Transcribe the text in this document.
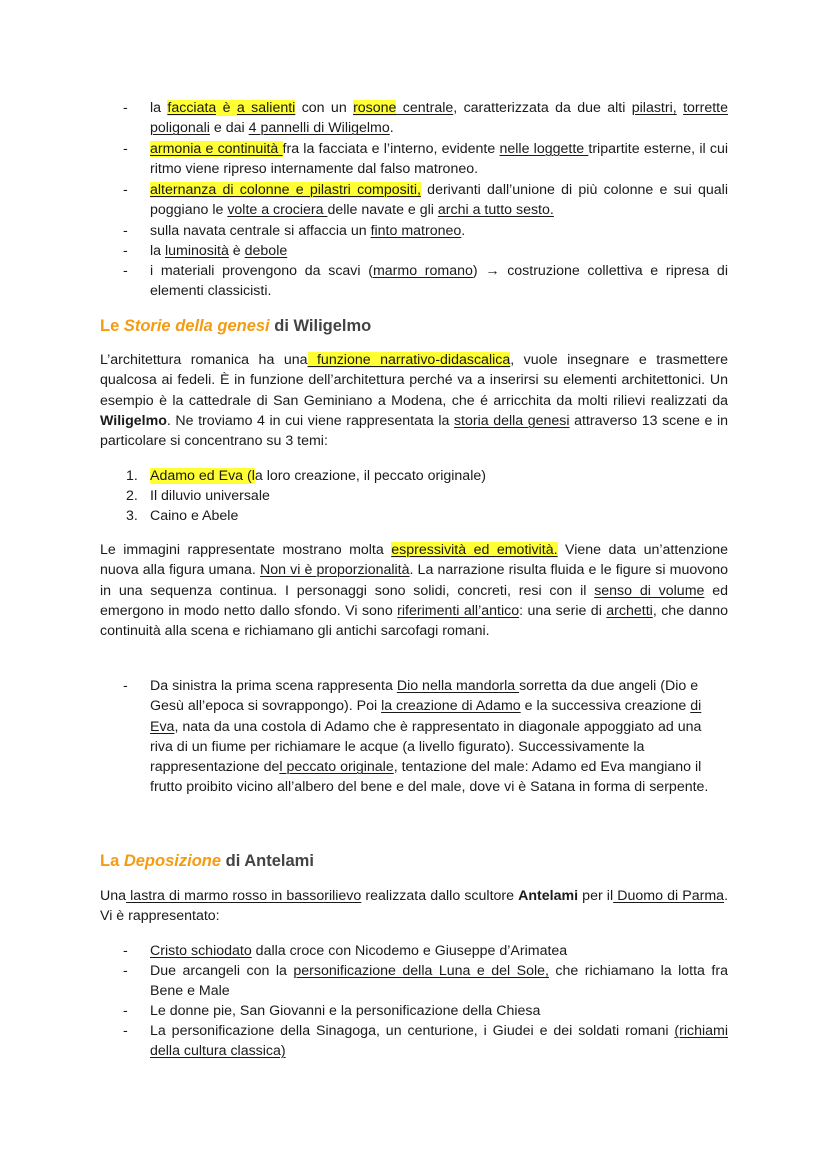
- la facciata è a salienti con un rosone centrale, caratterizzata da due alti pilastri, torrette poligonali e dai 4 pannelli di Wiligelmo.
- armonia e continuità fra la facciata e l’interno, evidente nelle loggette tripartite esterne, il cui ritmo viene ripreso internamente dal falso matroneo.
- alternanza di colonne e pilastri compositi, derivanti dall’unione di più colonne e sui quali poggiano le volte a crociera delle navate e gli archi a tutto sesto.
- sulla navata centrale si affaccia un finto matroneo.
- la luminosità è debole
- i materiali provengono da scavi (marmo romano) → costruzione collettiva e ripresa di elementi classicisti.
Le Storie della genesi di Wiligelmo
L’architettura romanica ha una funzione narrativo-didascalica, vuole insegnare e trasmettere qualcosa ai fedeli. È in funzione dell’architettura perché va a inserirsi su elementi architettonici. Un esempio è la cattedrale di San Geminiano a Modena, che é arricchita da molti rilievi realizzati da Wiligelmo. Ne troviamo 4 in cui viene rappresentata la storia della genesi attraverso 13 scene e in particolare si concentrano su 3 temi:
1. Adamo ed Eva (la loro creazione, il peccato originale)
2. Il diluvio universale
3. Caino e Abele
Le immagini rappresentate mostrano molta espressività ed emotività. Viene data un’attenzione nuova alla figura umana. Non vi è proporzionalità. La narrazione risulta fluida e le figure si muovono in una sequenza continua. I personaggi sono solidi, concreti, resi con il senso di volume ed emergono in modo netto dallo sfondo. Vi sono riferimenti all’antico: una serie di archetti, che danno continuità alla scena e richiamano gli antichi sarcofagi romani.
- Da sinistra la prima scena rappresenta Dio nella mandorla sorretta da due angeli (Dio e Gesù all’epoca si sovrappongo). Poi la creazione di Adamo e la successiva creazione di Eva, nata da una costola di Adamo che è rappresentato in diagonale appoggiato ad una riva di un fiume per richiamare le acque (a livello figurato). Successivamente la rappresentazione del peccato originale, tentazione del male: Adamo ed Eva mangiano il frutto proibito vicino all’albero del bene e del male, dove vi è Satana in forma di serpente.
La Deposizione di Antelami
Una lastra di marmo rosso in bassorilievo realizzata dallo scultore Antelami per il Duomo di Parma. Vi è rappresentato:
- Cristo schiodato dalla croce con Nicodemo e Giuseppe d’Arimatea
- Due arcangeli con la personificazione della Luna e del Sole, che richiamano la lotta fra Bene e Male
- Le donne pie, San Giovanni e la personificazione della Chiesa
- La personificazione della Sinagoga, un centurione, i Giudei e dei soldati romani (richiami della cultura classica)
